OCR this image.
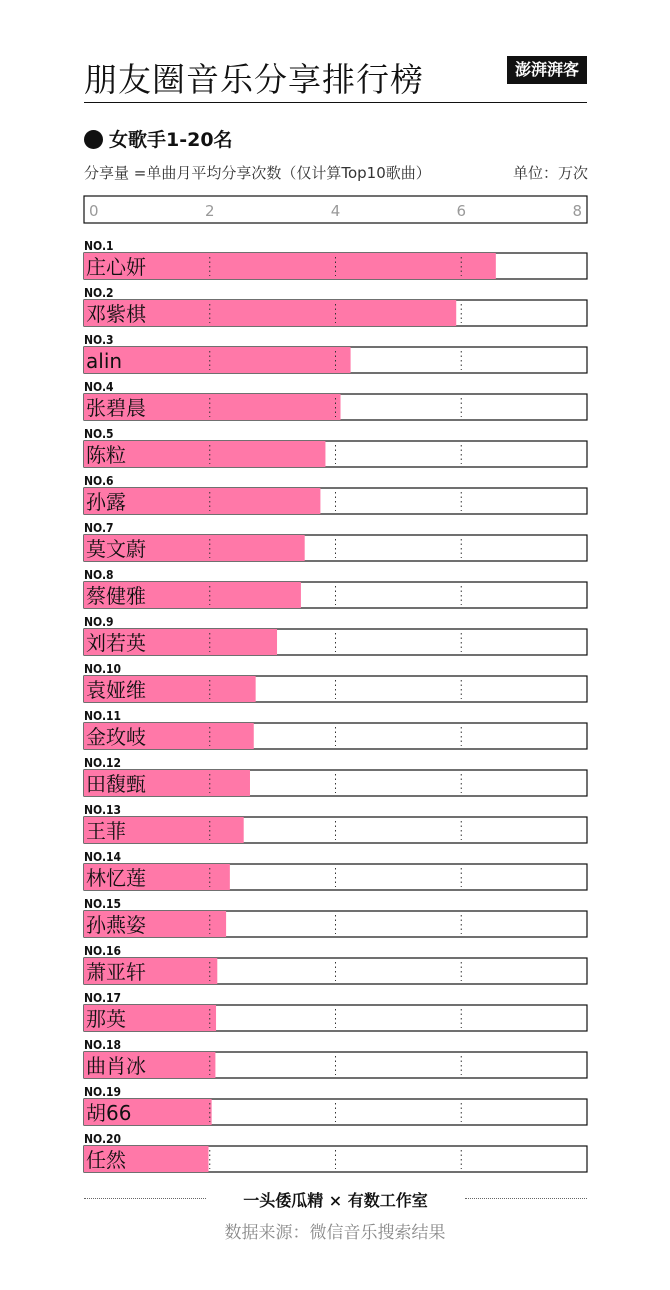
朋友圈音乐分享排行榜	澎湃湃客
女歌手1-20名
分享量 =单曲月平均分享次数（仅计算Top10歌曲）	单位：万次
0	2	4	6	8
NO.1
庄心妍
NO.2
邓紫棋
NO.3
alin
NO.4
张碧晨
NO.5
陈粒
NO.6
孙露
NO.7
莫文蔚
NO.8
蔡健雅
NO.9
刘若英
NO.10
袁娅维
NO.11
金玫岐
NO.12
田馥甄
NO.13
王菲
NO.14
林忆莲
NO.15
孙燕姿
NO.16
萧亚轩
NO.17
那英
NO.18
曲肖冰
NO.19
胡66
NO.20
任然
一头倭瓜精 × 有数工作室
数据来源：微信音乐搜索结果
